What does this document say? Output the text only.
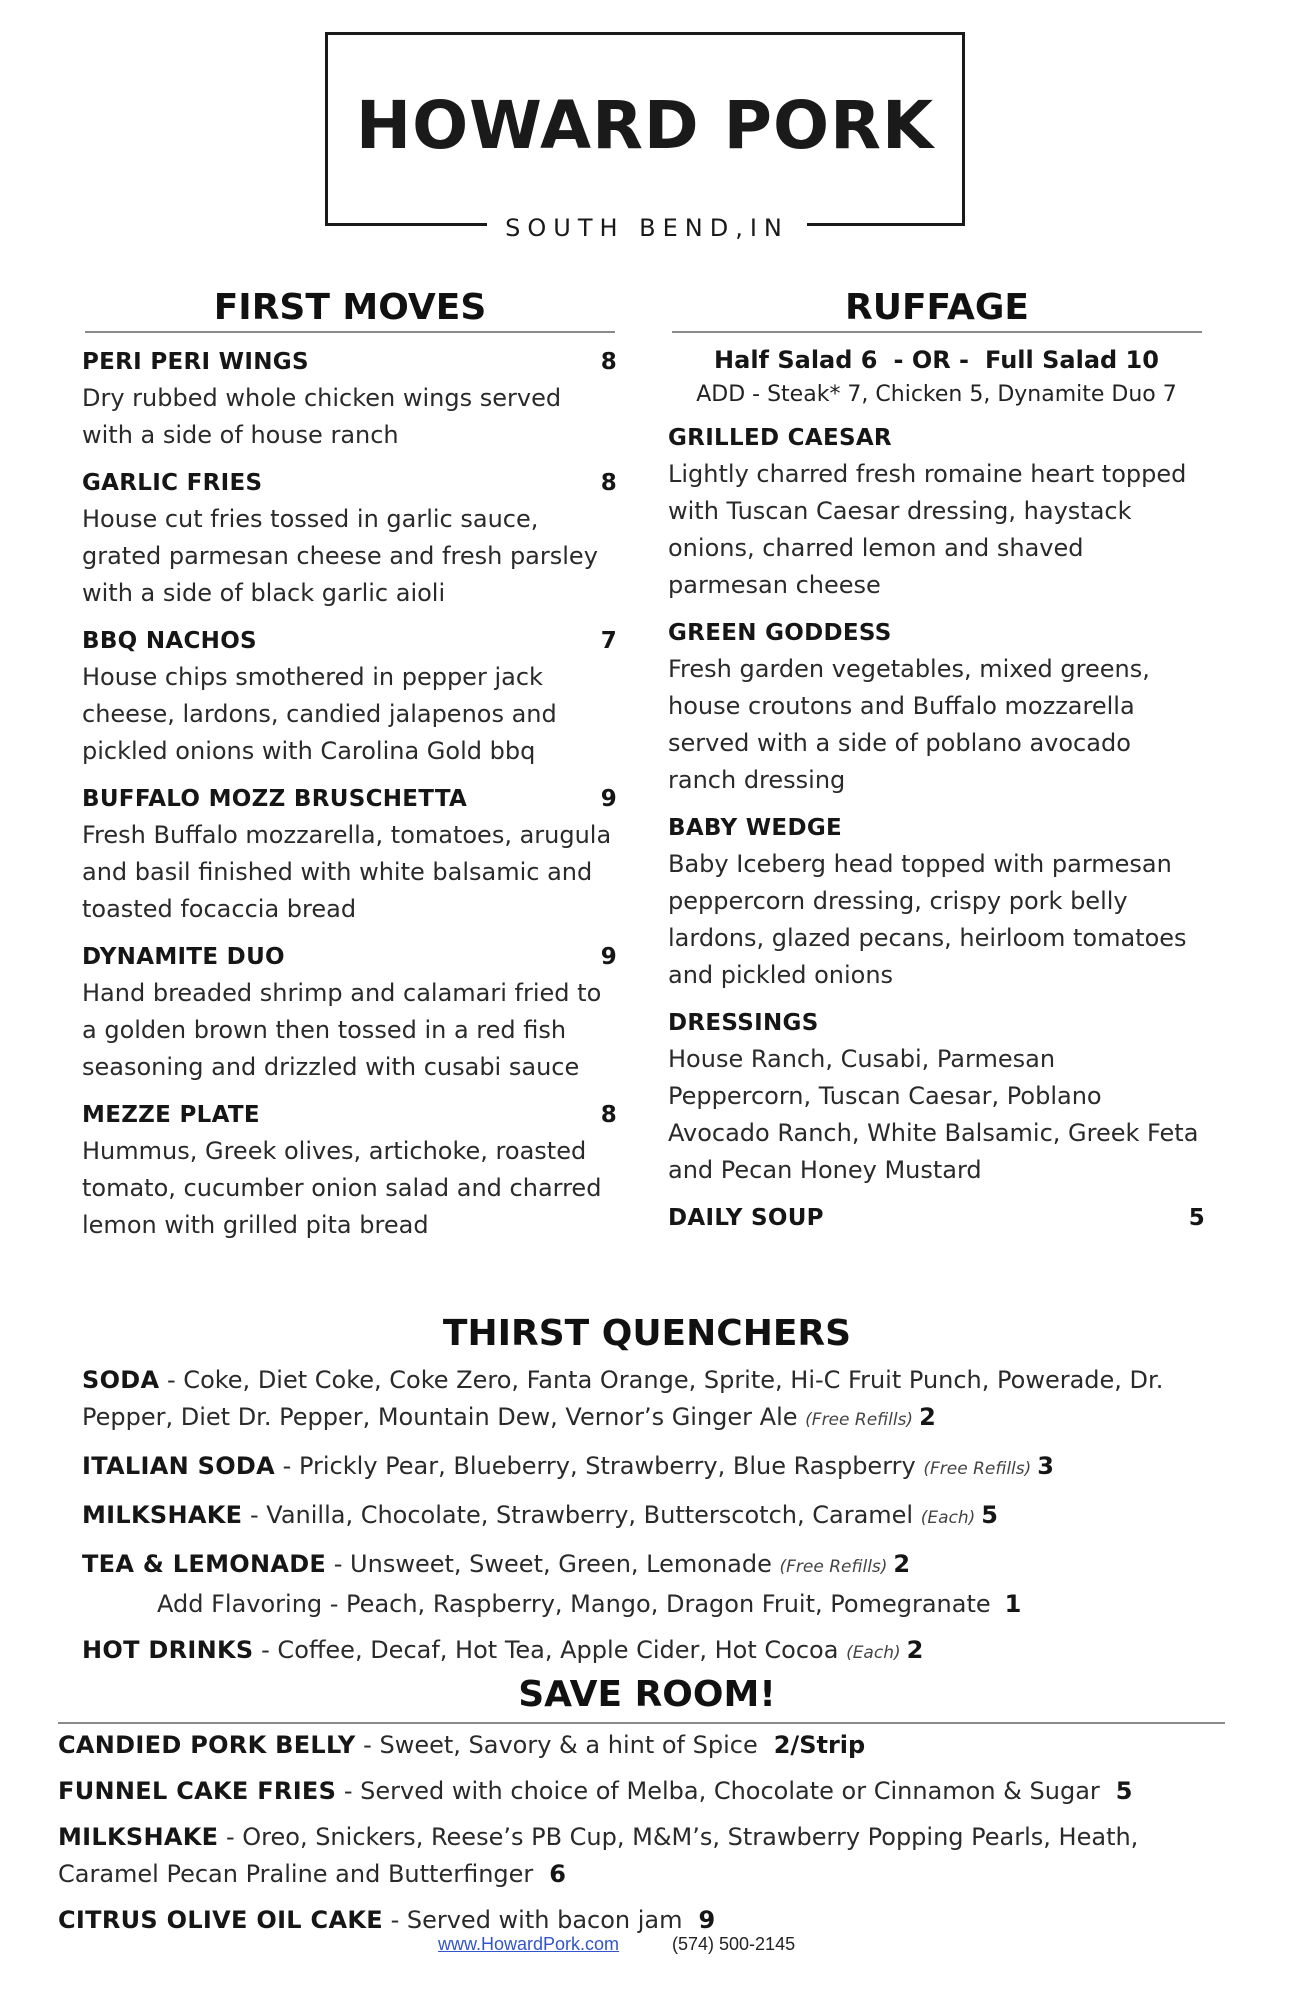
HOWARD PORK
SOUTH BEND,IN
FIRST MOVES
PERI PERI WINGS	8
Dry rubbed whole chicken wings served with a side of house ranch
GARLIC FRIES	8
House cut fries tossed in garlic sauce, grated parmesan cheese and fresh parsley with a side of black garlic aioli
BBQ NACHOS	7
House chips smothered in pepper jack cheese, lardons, candied jalapenos and pickled onions with Carolina Gold bbq
BUFFALO MOZZ BRUSCHETTA	9
Fresh Buffalo mozzarella, tomatoes, arugula and basil finished with white balsamic and toasted focaccia bread
DYNAMITE DUO	9
Hand breaded shrimp and calamari fried to a golden brown then tossed in a red fish seasoning and drizzled with cusabi sauce
MEZZE PLATE	8
Hummus, Greek olives, artichoke, roasted tomato, cucumber onion salad and charred lemon with grilled pita bread
RUFFAGE
Half Salad 6 - OR - Full Salad 10
ADD - Steak* 7, Chicken 5, Dynamite Duo 7
GRILLED CAESAR
Lightly charred fresh romaine heart topped with Tuscan Caesar dressing, haystack onions, charred lemon and shaved parmesan cheese
GREEN GODDESS
Fresh garden vegetables, mixed greens, house croutons and Buffalo mozzarella served with a side of poblano avocado ranch dressing
BABY WEDGE
Baby Iceberg head topped with parmesan peppercorn dressing, crispy pork belly lardons, glazed pecans, heirloom tomatoes and pickled onions
DRESSINGS
House Ranch, Cusabi, Parmesan Peppercorn, Tuscan Caesar, Poblano Avocado Ranch, White Balsamic, Greek Feta and Pecan Honey Mustard
DAILY SOUP	5
THIRST QUENCHERS
SODA - Coke, Diet Coke, Coke Zero, Fanta Orange, Sprite, Hi-C Fruit Punch, Powerade, Dr. Pepper, Diet Dr. Pepper, Mountain Dew, Vernor’s Ginger Ale (Free Refills) 2
ITALIAN SODA - Prickly Pear, Blueberry, Strawberry, Blue Raspberry (Free Refills) 3
MILKSHAKE - Vanilla, Chocolate, Strawberry, Butterscotch, Caramel (Each) 5
TEA & LEMONADE - Unsweet, Sweet, Green, Lemonade (Free Refills) 2
Add Flavoring - Peach, Raspberry, Mango, Dragon Fruit, Pomegranate 1
HOT DRINKS - Coffee, Decaf, Hot Tea, Apple Cider, Hot Cocoa (Each) 2
SAVE ROOM!
CANDIED PORK BELLY - Sweet, Savory & a hint of Spice 2/Strip
FUNNEL CAKE FRIES - Served with choice of Melba, Chocolate or Cinnamon & Sugar 5
MILKSHAKE - Oreo, Snickers, Reese’s PB Cup, M&M’s, Strawberry Popping Pearls, Heath, Caramel Pecan Praline and Butterfinger 6
CITRUS OLIVE OIL CAKE - Served with bacon jam 9
www.HowardPork.com	(574) 500-2145
